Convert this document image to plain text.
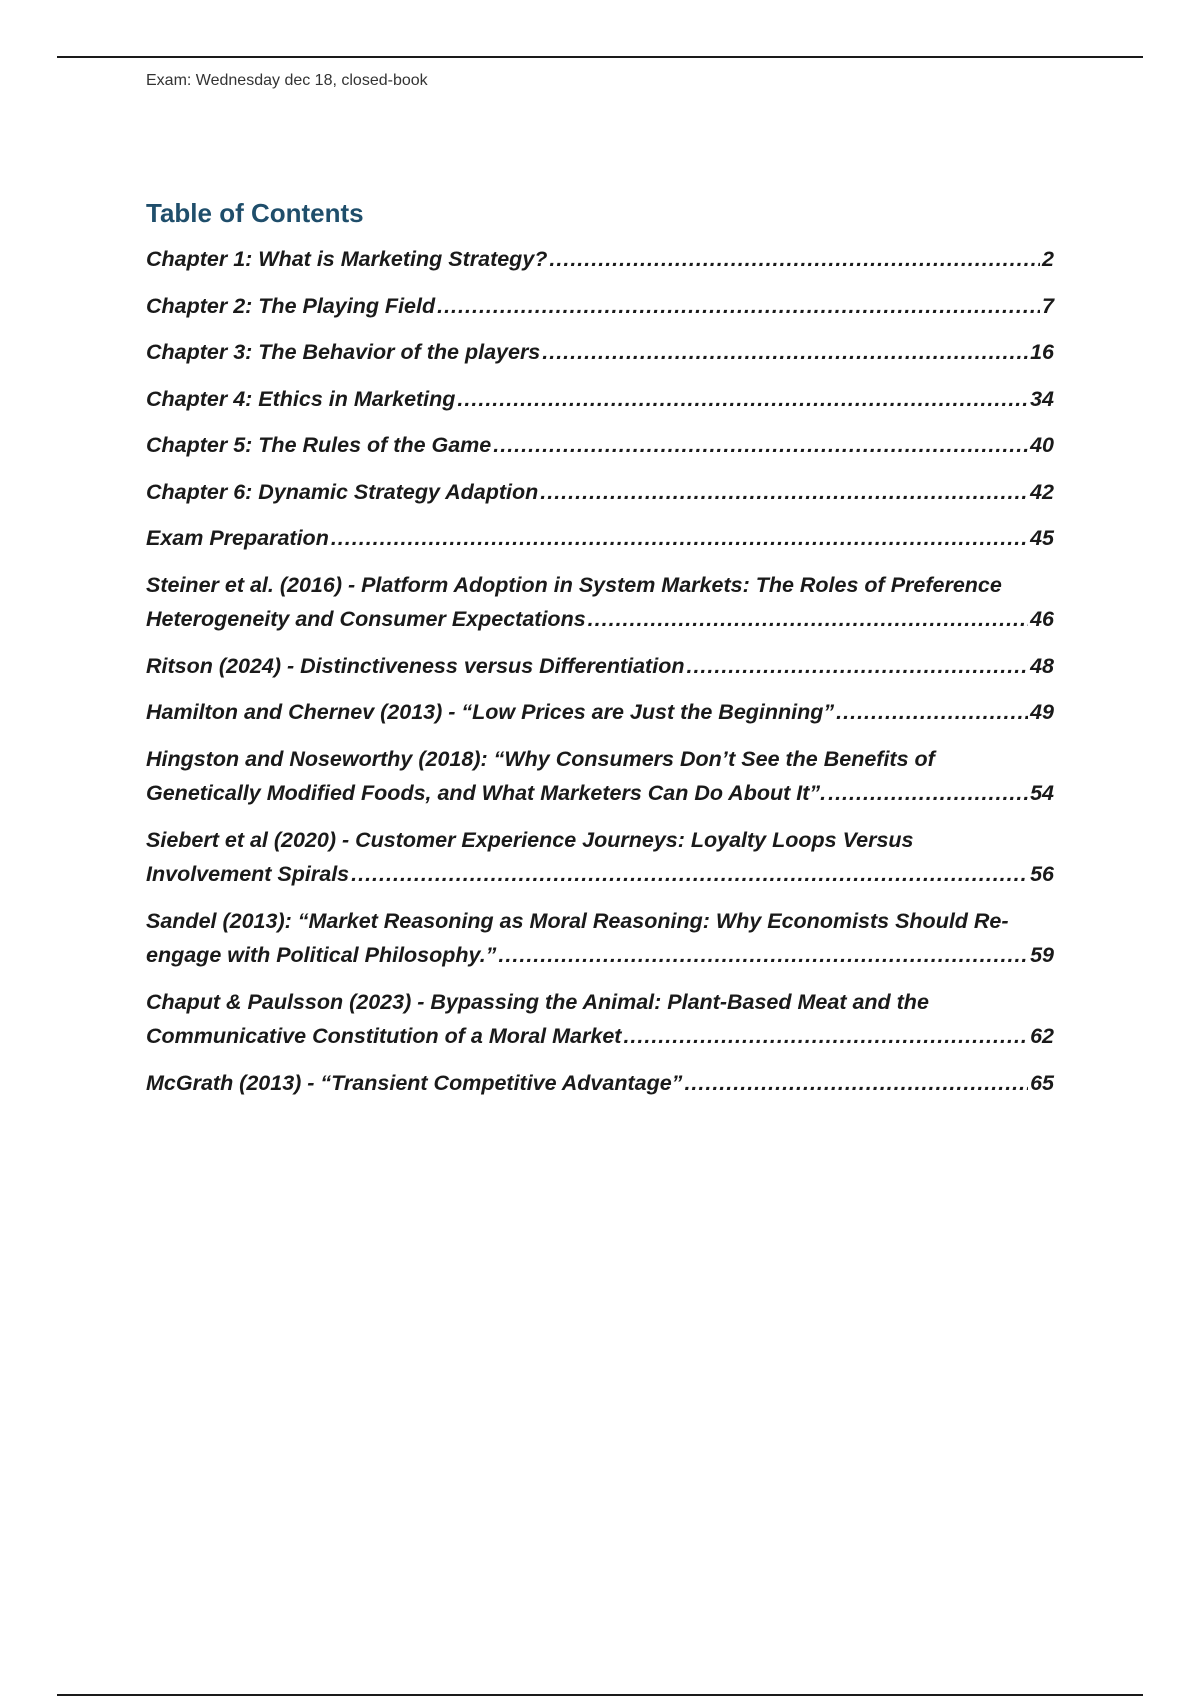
Exam: Wednesday dec 18, closed-book
Table of Contents
Chapter 1: What is Marketing Strategy? .....	2
Chapter 2: The Playing Field .....	7
Chapter 3: The Behavior of the players .....	16
Chapter 4: Ethics in Marketing .....	34
Chapter 5: The Rules of the Game .....	40
Chapter 6: Dynamic Strategy Adaption .....	42
Exam Preparation .....	45
Steiner et al. (2016) - Platform Adoption in System Markets: The Roles of Preference
Heterogeneity and Consumer Expectations .....	46
Ritson (2024) - Distinctiveness versus Differentiation .....	48
Hamilton and Chernev (2013) - “Low Prices are Just the Beginning” .....	49
Hingston and Noseworthy (2018): “Why Consumers Don’t See the Benefits of
Genetically Modified Foods, and What Marketers Can Do About It”. .....	54
Siebert et al (2020) - Customer Experience Journeys: Loyalty Loops Versus
Involvement Spirals .....	56
Sandel (2013): “Market Reasoning as Moral Reasoning: Why Economists Should Re-
engage with Political Philosophy.” .....	59
Chaput & Paulsson (2023) - Bypassing the Animal: Plant-Based Meat and the
Communicative Constitution of a Moral Market .....	62
McGrath (2013) - “Transient Competitive Advantage” .....	65
